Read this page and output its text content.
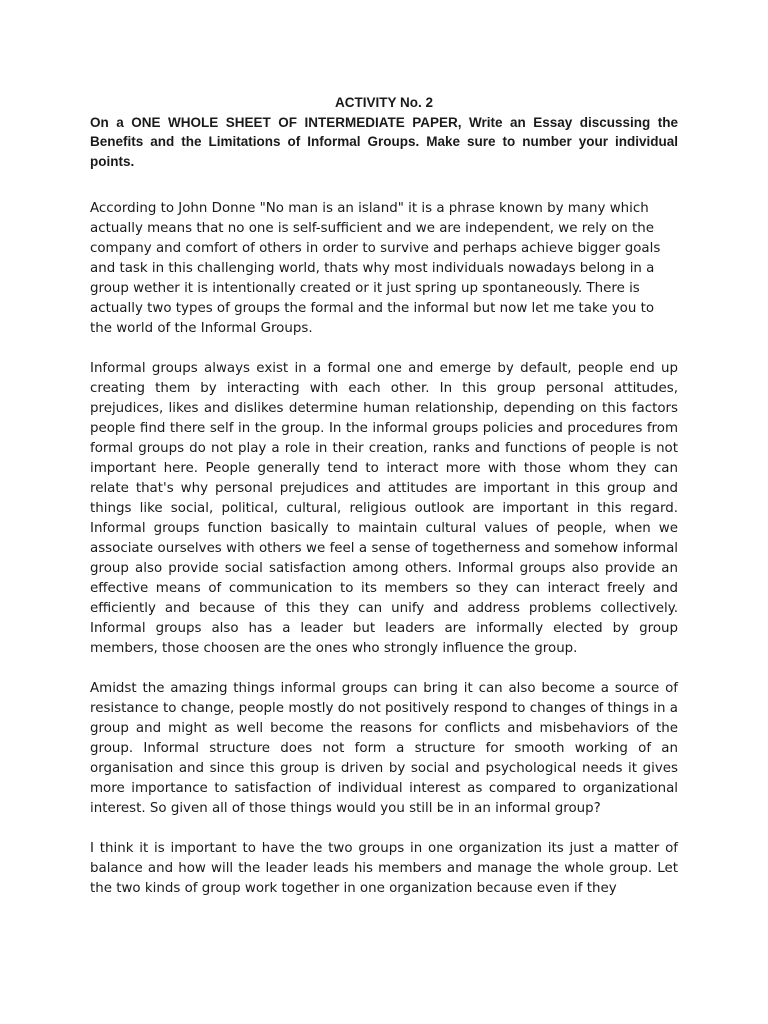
ACTIVITY No. 2

On a ONE WHOLE SHEET OF INTERMEDIATE PAPER, Write an Essay discussing the Benefits and the Limitations of Informal Groups. Make sure to number your individual points.

According to John Donne "No man is an island" it is a phrase known by many which actually means that no one is self-sufficient and we are independent, we rely on the company and comfort of others in order to survive and perhaps achieve bigger goals and task in this challenging world, thats why most individuals nowadays belong in a group wether it is intentionally created or it just spring up spontaneously. There is actually two types of groups the formal and the informal but now let me take you to the world of the Informal Groups.

Informal groups always exist in a formal one and emerge by default, people end up creating them by interacting with each other. In this group personal attitudes, prejudices, likes and dislikes determine human relationship, depending on this factors people find there self in the group. In the informal groups policies and procedures from formal groups do not play a role in their creation, ranks and functions of people is not important here. People generally tend to interact more with those whom they can relate that's why personal prejudices and attitudes are important in this group and things like social, political, cultural, religious outlook are important in this regard. Informal groups function basically to maintain cultural values of people, when we associate ourselves with others we feel a sense of togetherness and somehow informal group also provide social satisfaction among others. Informal groups also provide an effective means of communication to its members so they can interact freely and efficiently and because of this they can unify and address problems collectively. Informal groups also has a leader but leaders are informally elected by group members, those choosen are the ones who strongly influence the group.

Amidst the amazing things informal groups can bring it can also become a source of resistance to change, people mostly do not positively respond to changes of things in a group and might as well become the reasons for conflicts and misbehaviors of the group. Informal structure does not form a structure for smooth working of an organisation and since this group is driven by social and psychological needs it gives more importance to satisfaction of individual interest as compared to organizational interest. So given all of those things would you still be in an informal group?

I think it is important to have the two groups in one organization its just a matter of balance and how will the leader leads his members and manage the whole group. Let the two kinds of group work together in one organization because even if they
